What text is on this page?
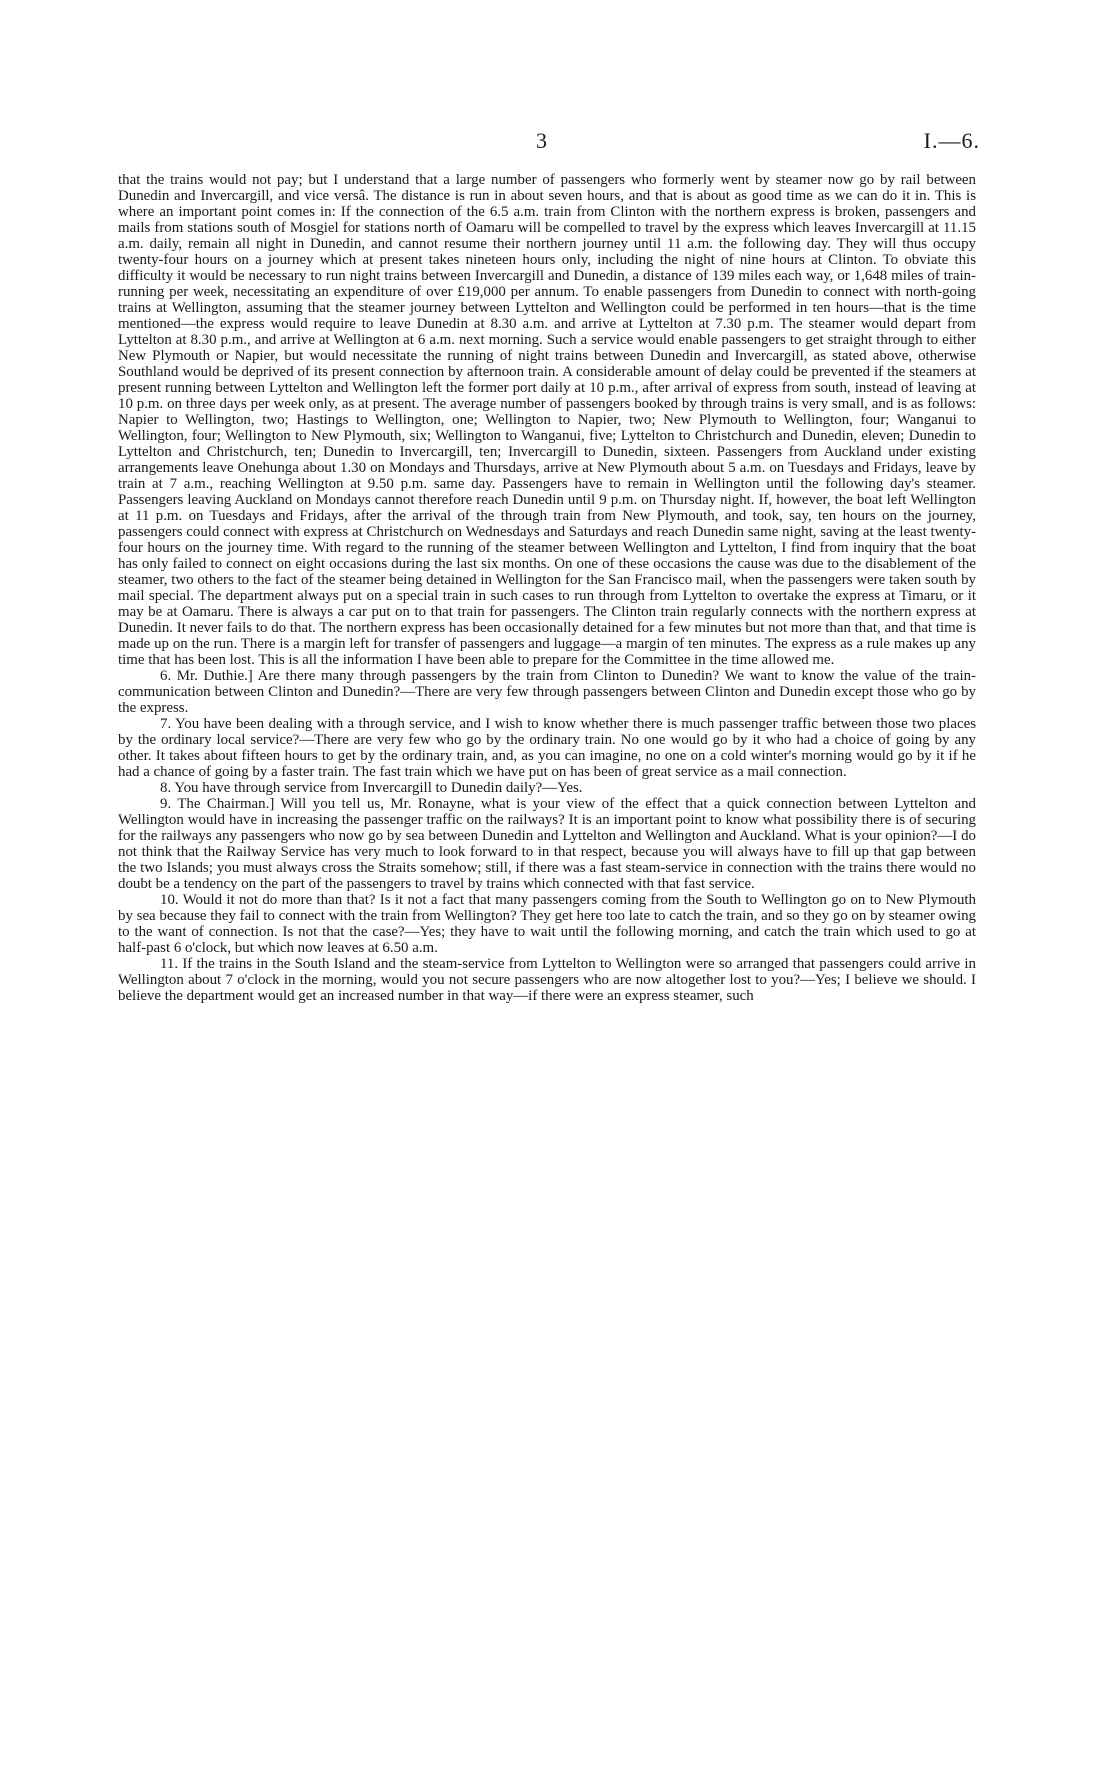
3	I.—6.

that the trains would not pay; but I understand that a large number of passengers who formerly went by steamer now go by rail between Dunedin and Invercargill, and vice versâ. The distance is run in about seven hours, and that is about as good time as we can do it in. This is where an important point comes in: If the connection of the 6.5 a.m. train from Clinton with the northern express is broken, passengers and mails from stations south of Mosgiel for stations north of Oamaru will be compelled to travel by the express which leaves Invercargill at 11.15 a.m. daily, remain all night in Dunedin, and cannot resume their northern journey until 11 a.m. the following day. They will thus occupy twenty-four hours on a journey which at present takes nineteen hours only, including the night of nine hours at Clinton. To obviate this difficulty it would be necessary to run night trains between Invercargill and Dunedin, a distance of 139 miles each way, or 1,648 miles of train-running per week, necessitating an expenditure of over £19,000 per annum. To enable passengers from Dunedin to connect with north-going trains at Wellington, assuming that the steamer journey between Lyttelton and Wellington could be performed in ten hours—that is the time mentioned—the express would require to leave Dunedin at 8.30 a.m. and arrive at Lyttelton at 7.30 p.m. The steamer would depart from Lyttelton at 8.30 p.m., and arrive at Wellington at 6 a.m. next morning. Such a service would enable passengers to get straight through to either New Plymouth or Napier, but would necessitate the running of night trains between Dunedin and Invercargill, as stated above, otherwise Southland would be deprived of its present connection by afternoon train. A considerable amount of delay could be prevented if the steamers at present running between Lyttelton and Wellington left the former port daily at 10 p.m., after arrival of express from south, instead of leaving at 10 p.m. on three days per week only, as at present. The average number of passengers booked by through trains is very small, and is as follows: Napier to Wellington, two; Hastings to Wellington, one; Wellington to Napier, two; New Plymouth to Wellington, four; Wanganui to Wellington, four; Wellington to New Plymouth, six; Wellington to Wanganui, five; Lyttelton to Christchurch and Dunedin, eleven; Dunedin to Lyttelton and Christchurch, ten; Dunedin to Invercargill, ten; Invercargill to Dunedin, sixteen. Passengers from Auckland under existing arrangements leave Onehunga about 1.30 on Mondays and Thursdays, arrive at New Plymouth about 5 a.m. on Tuesdays and Fridays, leave by train at 7 a.m., reaching Wellington at 9.50 p.m. same day. Passengers have to remain in Wellington until the following day's steamer. Passengers leaving Auckland on Mondays cannot therefore reach Dunedin until 9 p.m. on Thursday night. If, however, the boat left Wellington at 11 p.m. on Tuesdays and Fridays, after the arrival of the through train from New Plymouth, and took, say, ten hours on the journey, passengers could connect with express at Christchurch on Wednesdays and Saturdays and reach Dunedin same night, saving at the least twenty-four hours on the journey time. With regard to the running of the steamer between Wellington and Lyttelton, I find from inquiry that the boat has only failed to connect on eight occasions during the last six months. On one of these occasions the cause was due to the disablement of the steamer, two others to the fact of the steamer being detained in Wellington for the San Francisco mail, when the passengers were taken south by mail special. The department always put on a special train in such cases to run through from Lyttelton to overtake the express at Timaru, or it may be at Oamaru. There is always a car put on to that train for passengers. The Clinton train regularly connects with the northern express at Dunedin. It never fails to do that. The northern express has been occasionally detained for a few minutes but not more than that, and that time is made up on the run. There is a margin left for transfer of passengers and luggage—a margin of ten minutes. The express as a rule makes up any time that has been lost. This is all the information I have been able to prepare for the Committee in the time allowed me.

6. Mr. Duthie.] Are there many through passengers by the train from Clinton to Dunedin? We want to know the value of the train-communication between Clinton and Dunedin?—There are very few through passengers between Clinton and Dunedin except those who go by the express.

7. You have been dealing with a through service, and I wish to know whether there is much passenger traffic between those two places by the ordinary local service?—There are very few who go by the ordinary train. No one would go by it who had a choice of going by any other. It takes about fifteen hours to get by the ordinary train, and, as you can imagine, no one on a cold winter's morning would go by it if he had a chance of going by a faster train. The fast train which we have put on has been of great service as a mail connection.

8. You have through service from Invercargill to Dunedin daily?—Yes.

9. The Chairman.] Will you tell us, Mr. Ronayne, what is your view of the effect that a quick connection between Lyttelton and Wellington would have in increasing the passenger traffic on the railways? It is an important point to know what possibility there is of securing for the railways any passengers who now go by sea between Dunedin and Lyttelton and Wellington and Auckland. What is your opinion?—I do not think that the Railway Service has very much to look forward to in that respect, because you will always have to fill up that gap between the two Islands; you must always cross the Straits somehow; still, if there was a fast steam-service in connection with the trains there would no doubt be a tendency on the part of the passengers to travel by trains which connected with that fast service.

10. Would it not do more than that? Is it not a fact that many passengers coming from the South to Wellington go on to New Plymouth by sea because they fail to connect with the train from Wellington? They get here too late to catch the train, and so they go on by steamer owing to the want of connection. Is not that the case?—Yes; they have to wait until the following morning, and catch the train which used to go at half-past 6 o'clock, but which now leaves at 6.50 a.m.

11. If the trains in the South Island and the steam-service from Lyttelton to Wellington were so arranged that passengers could arrive in Wellington about 7 o'clock in the morning, would you not secure passengers who are now altogether lost to you?—Yes; I believe we should. I believe the department would get an increased number in that way—if there were an express steamer, such
